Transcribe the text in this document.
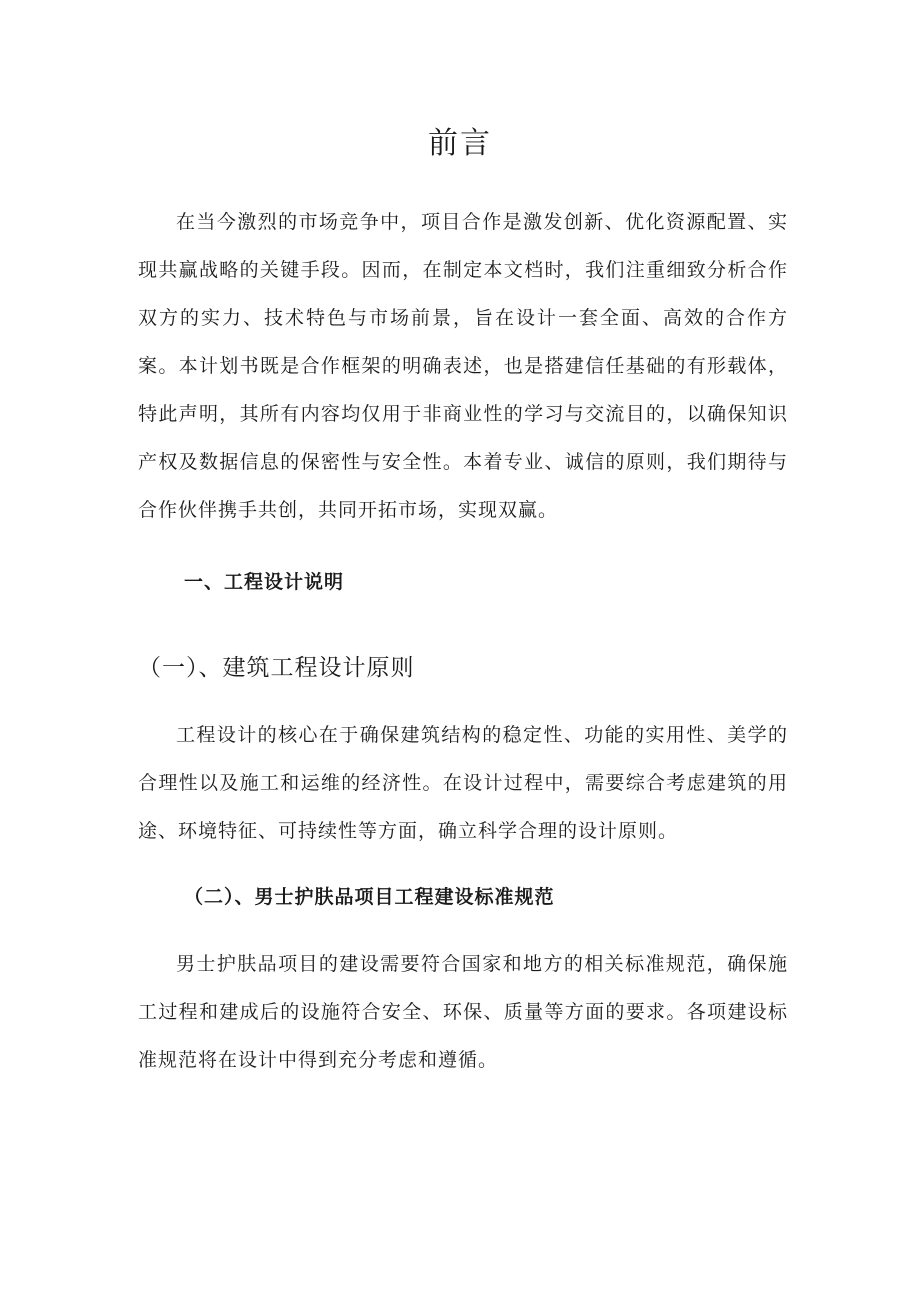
前言

在当今激烈的市场竞争中，项目合作是激发创新、优化资源配置、实现共赢战略的关键手段。因而，在制定本文档时，我们注重细致分析合作双方的实力、技术特色与市场前景，旨在设计一套全面、高效的合作方案。本计划书既是合作框架的明确表述，也是搭建信任基础的有形载体，特此声明，其所有内容均仅用于非商业性的学习与交流目的，以确保知识产权及数据信息的保密性与安全性。本着专业、诚信的原则，我们期待与合作伙伴携手共创，共同开拓市场，实现双赢。

一、工程设计说明
（一）、建筑工程设计原则

工程设计的核心在于确保建筑结构的稳定性、功能的实用性、美学的合理性以及施工和运维的经济性。在设计过程中，需要综合考虑建筑的用途、环境特征、可持续性等方面，确立科学合理的设计原则。

（二）、男士护肤品项目工程建设标准规范

男士护肤品项目的建设需要符合国家和地方的相关标准规范，确保施工过程和建成后的设施符合安全、环保、质量等方面的要求。各项建设标准规范将在设计中得到充分考虑和遵循。
